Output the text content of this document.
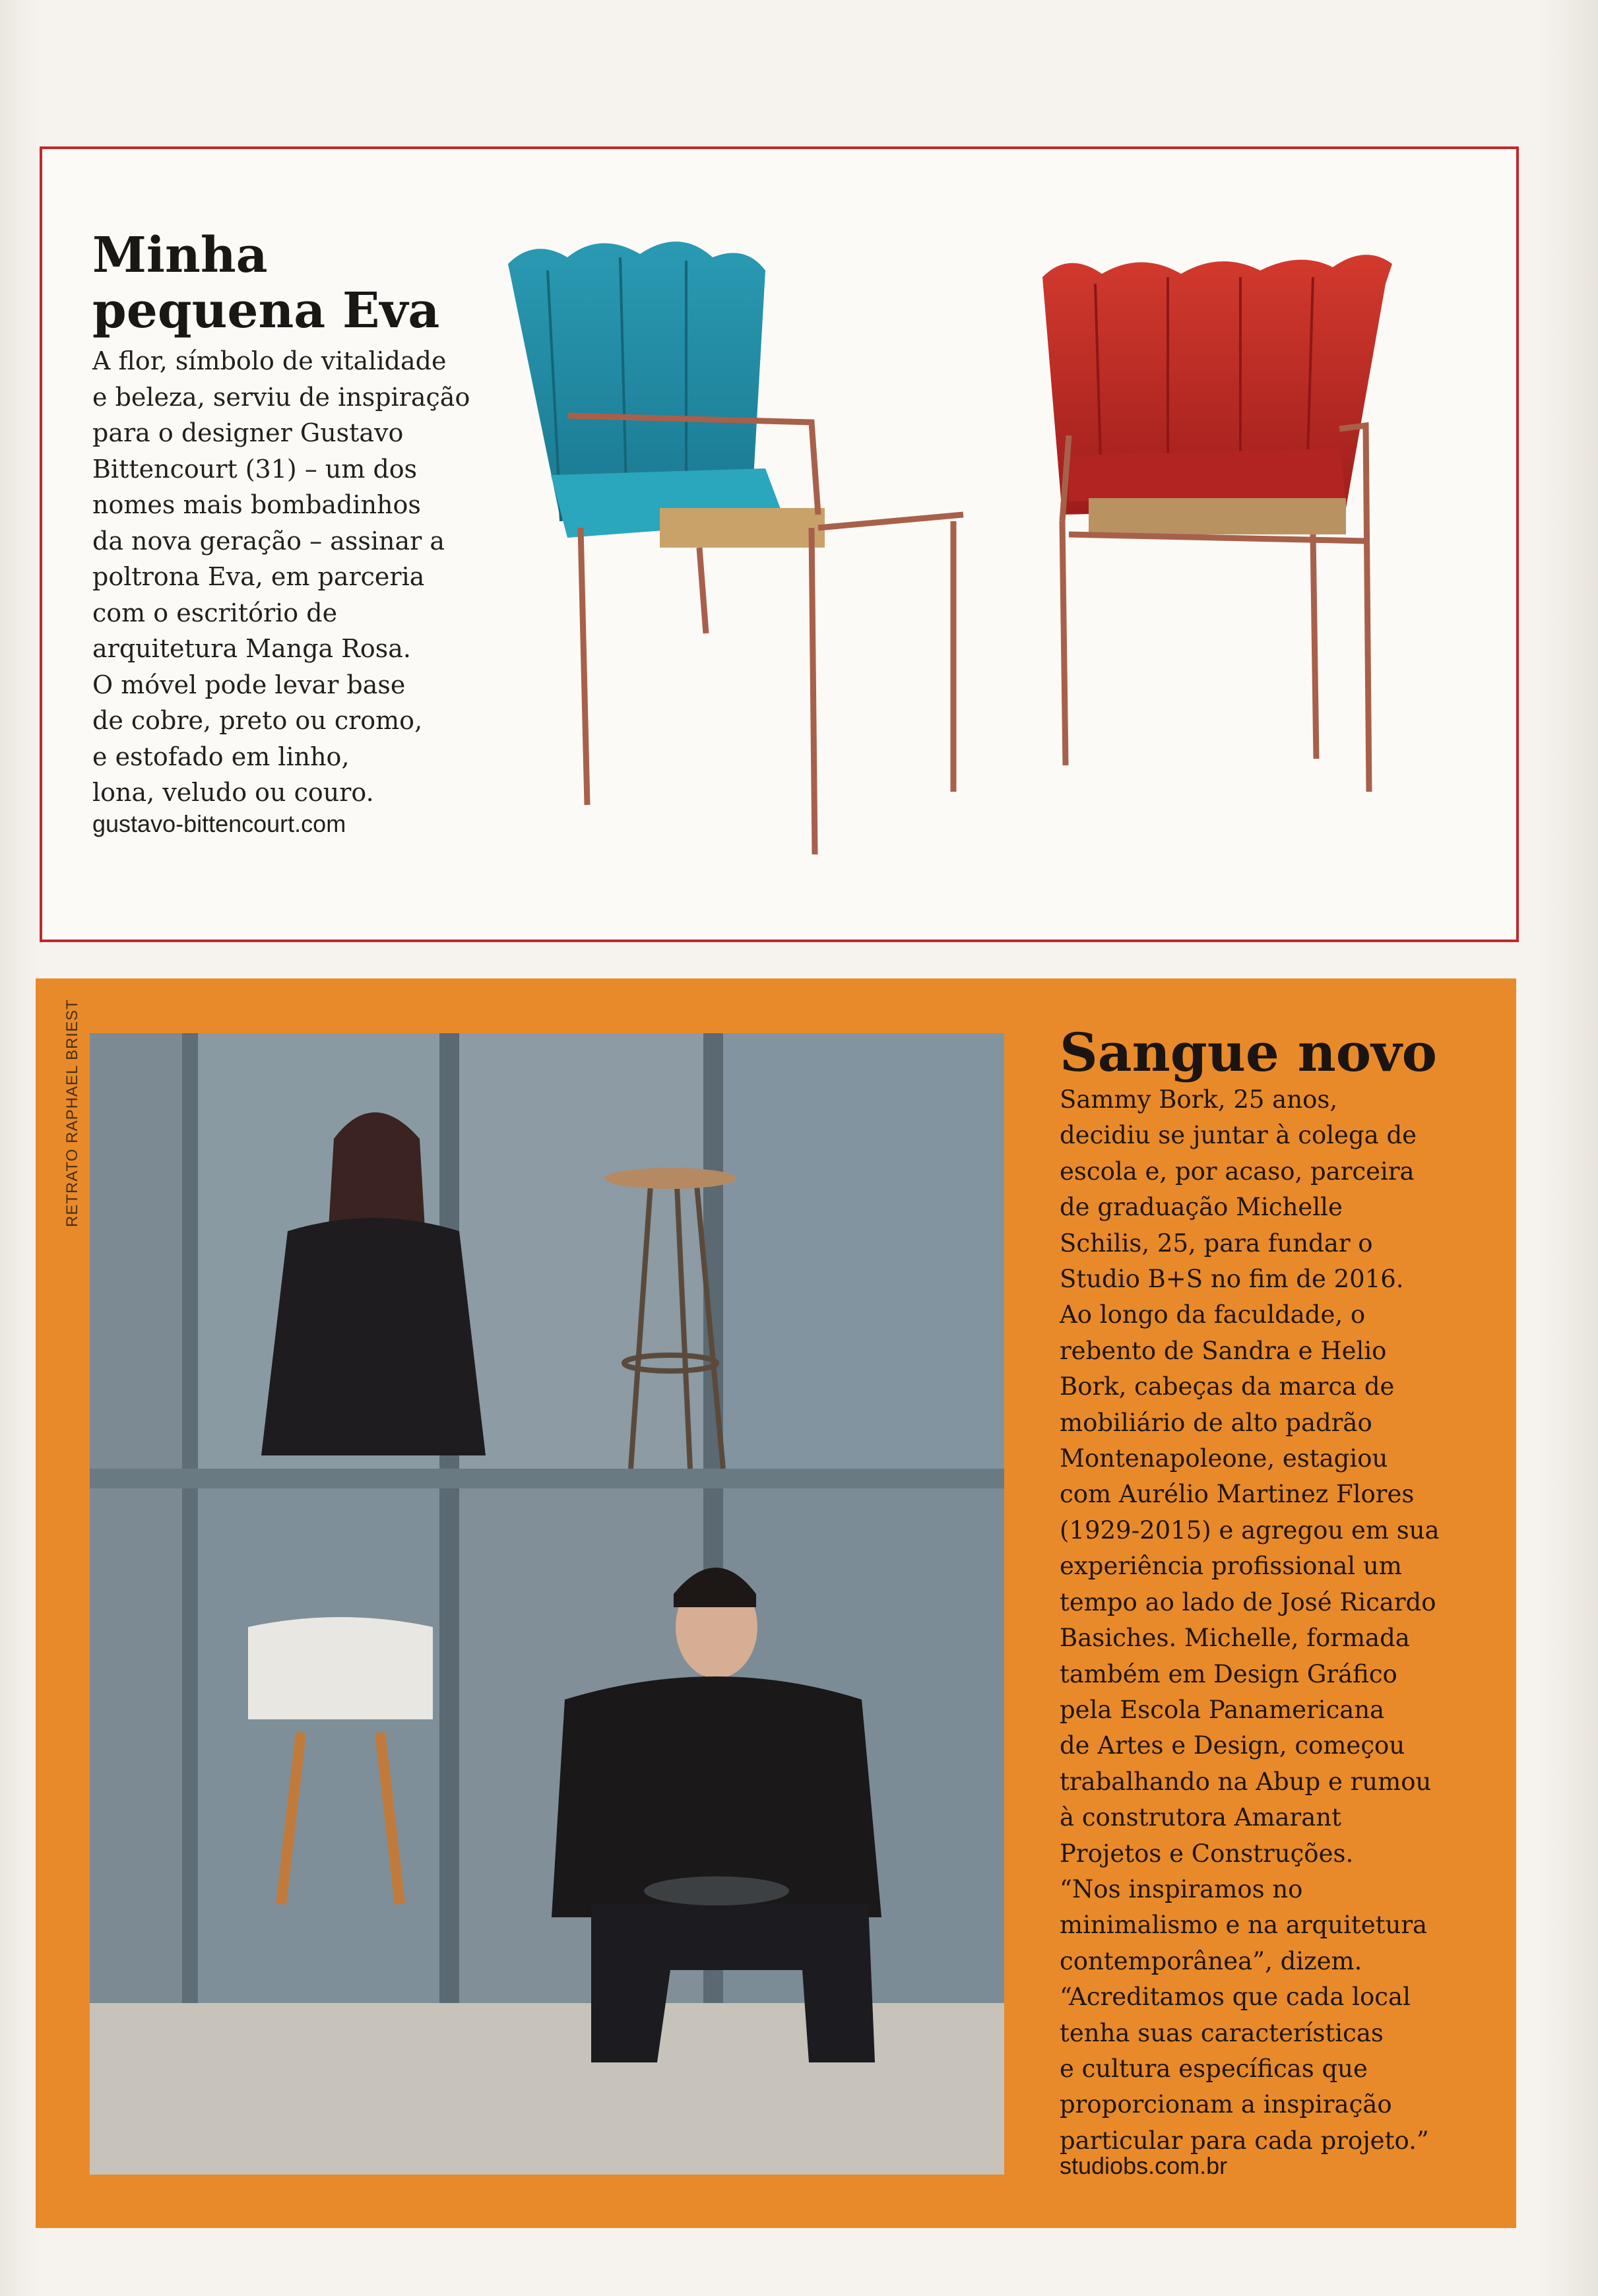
Minha
pequena Eva
A flor, símbolo de vitalidade
e beleza, serviu de inspiração
para o designer Gustavo
Bittencourt (31) – um dos
nomes mais bombadinhos
da nova geração – assinar a
poltrona Eva, em parceria
com o escritório de
arquitetura Manga Rosa.
O móvel pode levar base
de cobre, preto ou cromo,
e estofado em linho,
lona, veludo ou couro.
gustavo-bittencourt.com
RETRATO RAPHAEL BRIEST	Sangue novo
Sammy Bork, 25 anos,
decidiu se juntar à colega de
escola e, por acaso, parceira
de graduação Michelle
Schilis, 25, para fundar o
Studio B+S no fim de 2016.
Ao longo da faculdade, o
rebento de Sandra e Helio
Bork, cabeças da marca de
mobiliário de alto padrão
Montenapoleone, estagiou
com Aurélio Martinez Flores
(1929-2015) e agregou em sua
experiência profissional um
tempo ao lado de José Ricardo
Basiches. Michelle, formada
também em Design Gráfico
pela Escola Panamericana
de Artes e Design, começou
trabalhando na Abup e rumou
à construtora Amarant
Projetos e Construções.
“Nos inspiramos no
minimalismo e na arquitetura
contemporânea”, dizem.
“Acreditamos que cada local
tenha suas características
e cultura específicas que
proporcionam a inspiração
particular para cada projeto.”
studiobs.com.br
